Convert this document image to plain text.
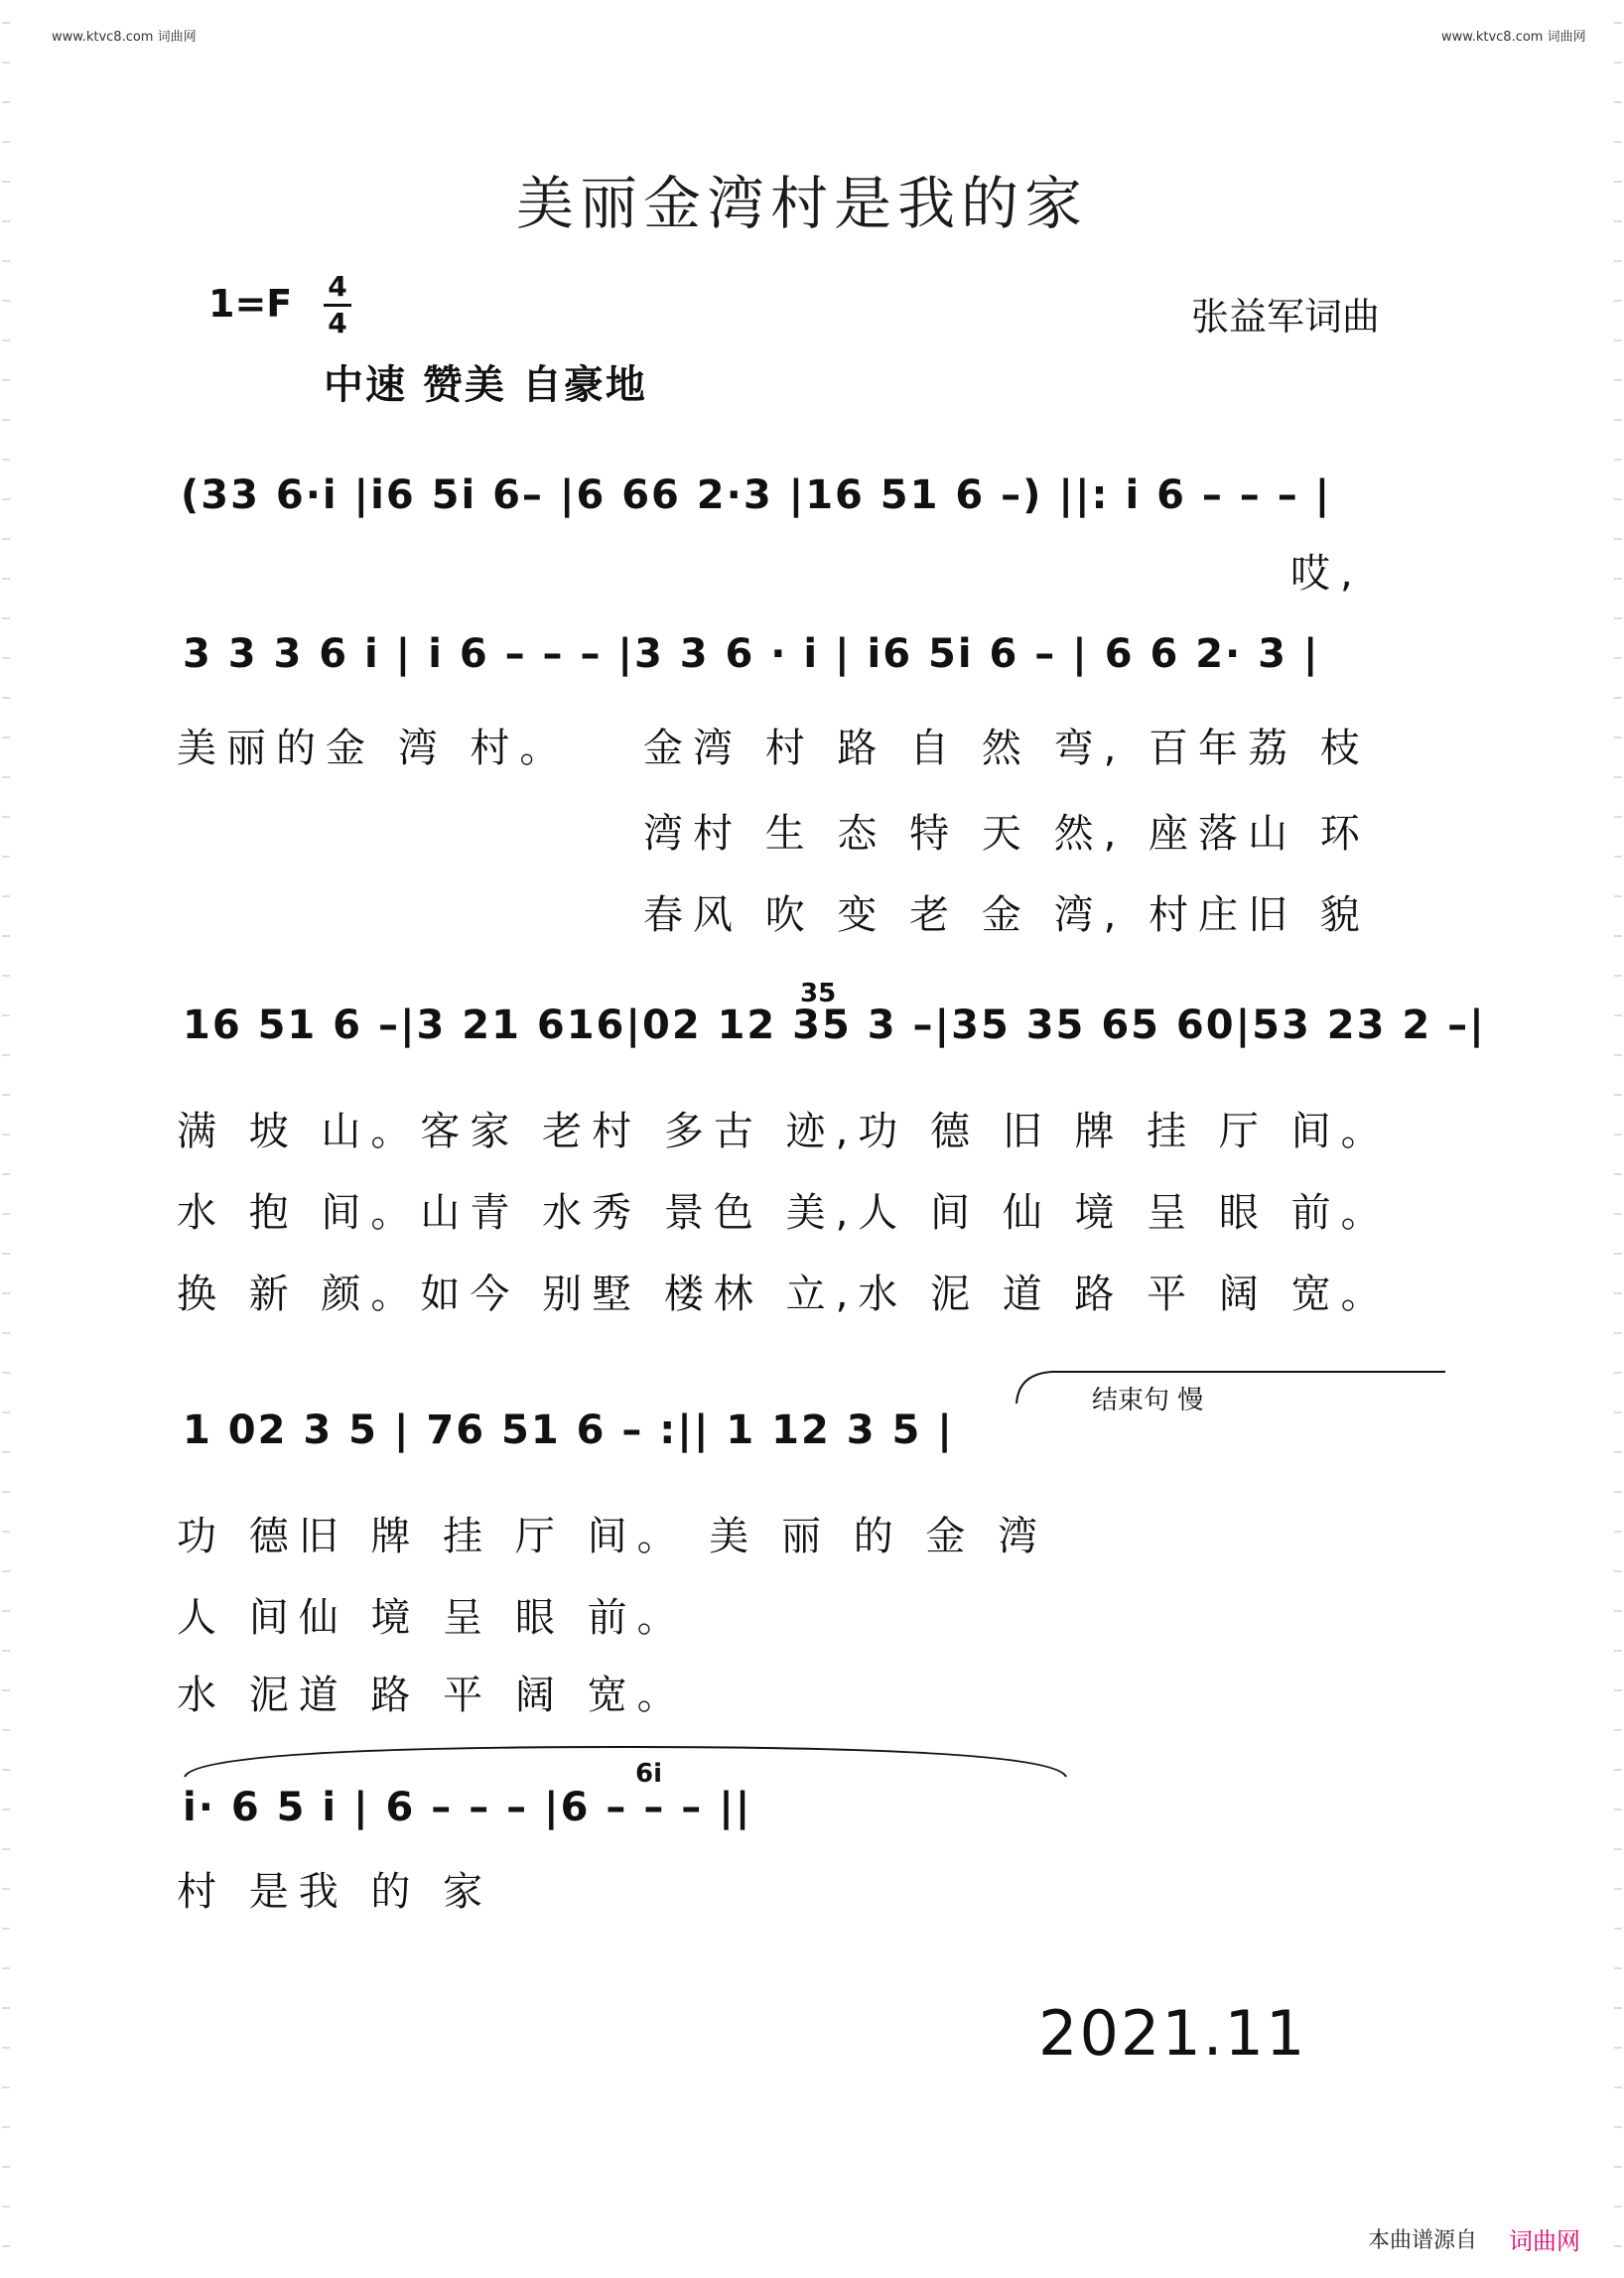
www.ktvc8.com 词曲网	www.ktvc8.com 词曲网
美丽金湾村是我的家
1=F 4
4	张益军词曲
中速 赞美 自豪地
(33 6·i |i6 5i 6– |6 66 2·3 |16 51 6 –) ||: i 6 – – – |
哎,
3 3 3 6 i | i 6 – – – |3 3 6 · i | i6 5i 6 – | 6 6 2· 3 |
美丽的金 湾 村。 金湾 村 路 自 然 弯, 百年荔 枝
湾村 生 态 特 天 然, 座落山 环
春风 吹 变 老 金 湾, 村庄旧 貌
35
16 51 6 –|3 21 616|02 12 35 3 –|35 35 65 60|53 23 2 –|
满 坡 山。客家 老村 多古 迹,功 德 旧 牌 挂 厅 间。
水 抱 间。山青 水秀 景色 美,人 间 仙 境 呈 眼 前。
换 新 颜。如今 别墅 楼林 立,水 泥 道 路 平 阔 宽。
结束句 慢
1 02 3 5 | 76 51 6 – :|| 1 12 3 5 |
功 德旧 牌 挂 厅 间。 美 丽 的 金 湾
人 间仙 境 呈 眼 前。
水 泥道 路 平 阔 宽。
6i
i· 6 5 i | 6 – – – |6 – – – ||
村 是我 的 家
2021.11
本曲谱源自 词曲网
